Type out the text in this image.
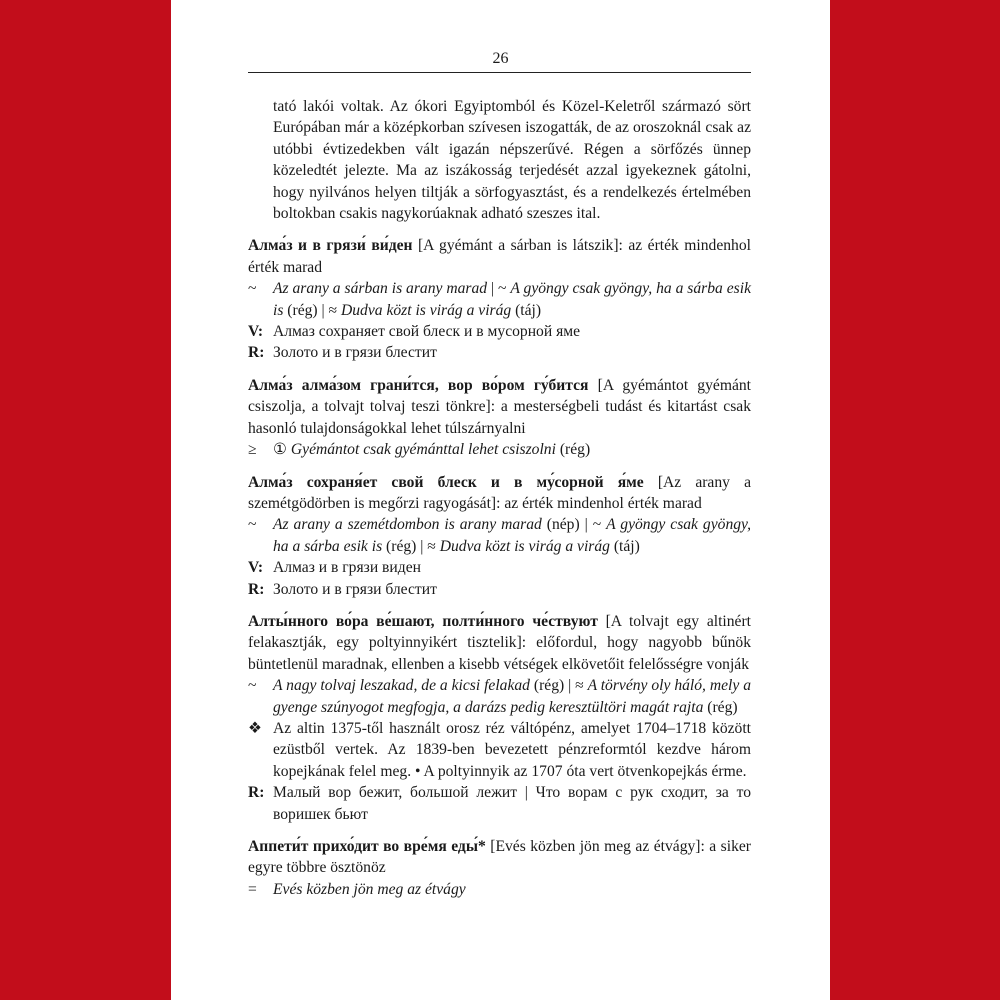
26

tató lakói voltak. Az ókori Egyiptomból és Közel-Keletről származó sört Európában már a középkorban szívesen iszogatták, de az oroszoknál csak az utóbbi évtizedekben vált igazán népszerűvé. Régen a sörfőzés ünnep közeledtét jelezte. Ma az iszákosság terjedését azzal igyekeznek gátolni, hogy nyilvános helyen tiltják a sörfogyasztást, és a rendelkezés értelmében boltokban csakis nagykorúaknak adható szeszes ital.

Алма́з и в грязи́ ви́ден [A gyémánt a sárban is látszik]: az érték mindenhol érték marad

~	Az arany a sárban is arany marad | ~ A gyöngy csak gyöngy, ha a sárba esik is (rég) | ≈ Dudva közt is virág a virág (táj)
V: Алмаз сохраняет свой блеск и в мусорной яме
R: Золото и в грязи блестит

Алма́з алма́зом грани́тся, вор во́ром гу́бится [A gyémántot gyémánt csiszolja, a tolvajt tolvaj teszi tönkre]: a mesterségbeli tudást és kitartást csak hasonló tulajdonságokkal lehet túlszárnyalni

≥	① Gyémántot csak gyémánttal lehet csiszolni (rég)

Алма́з сохраня́ет свой блеск и в му́сорной я́ме [Az arany a szemétgödörben is megőrzi ragyogását]: az érték mindenhol érték marad

~	Az arany a szemétdombon is arany marad (nép) | ~ A gyöngy csak gyöngy, ha a sárba esik is (rég) | ≈ Dudva közt is virág a virág (táj)
V: Алмаз и в грязи виден
R: Золото и в грязи блестит

Алты́нного во́ра ве́шают, полти́нного че́ствуют [A tolvajt egy altinért felakasztják, egy poltyinnyikért tisztelik]: előfordul, hogy nagyobb bűnök büntetlenül maradnak, ellenben a kisebb vétségek elkövetőit felelősségre vonják

~	A nagy tolvaj leszakad, de a kicsi felakad (rég) | ≈ A törvény oly háló, mely a gyenge szúnyogot megfogja, a darázs pedig keresztültöri magát rajta (rég)
❖ Az altin 1375-től használt orosz réz váltópénz, amelyet 1704–1718 között ezüstből vertek. Az 1839-ben bevezetett pénzreformtól kezdve három kopejkának felel meg. • A poltyinnyik az 1707 óta vert ötvenkopejkás érme.
R: Малый вор бежит, большой лежит | Что ворам с рук сходит, за то воришек бьют

Аппети́т прихо́дит во вре́мя еды́* [Evés közben jön meg az étvágy]: a siker egyre többre ösztönöz

=	Evés közben jön meg az étvágy
